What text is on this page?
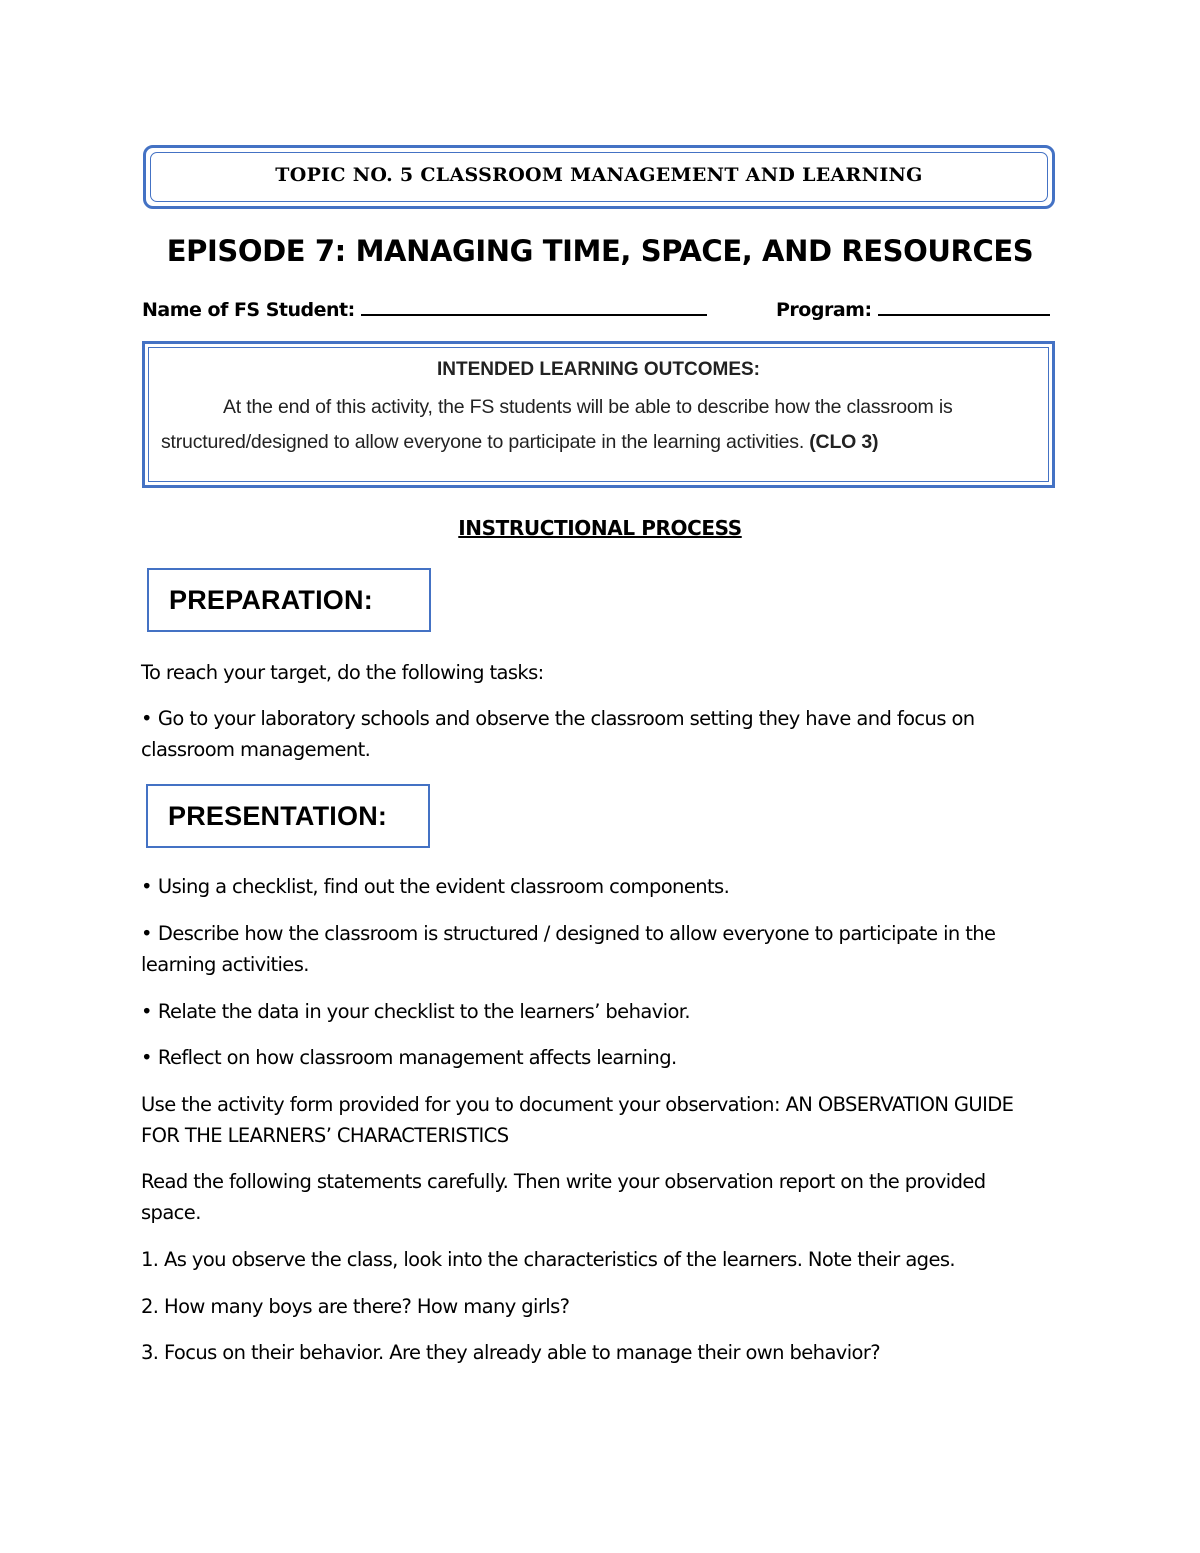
TOPIC NO. 5 CLASSROOM MANAGEMENT AND LEARNING
EPISODE 7: MANAGING TIME, SPACE, AND RESOURCES
Name of FS Student:	Program:
INTENDED LEARNING OUTCOMES:
At the end of this activity, the FS students will be able to describe how the classroom is
structured/designed to allow everyone to participate in the learning activities. (CLO 3)
INSTRUCTIONAL PROCESS
PREPARATION:
To reach your target, do the following tasks:
• Go to your laboratory schools and observe the classroom setting they have and focus on
classroom management.
PRESENTATION:
• Using a checklist, find out the evident classroom components.
• Describe how the classroom is structured / designed to allow everyone to participate in the
learning activities.
• Relate the data in your checklist to the learners’ behavior.
• Reflect on how classroom management affects learning.
Use the activity form provided for you to document your observation: AN OBSERVATION GUIDE
FOR THE LEARNERS’ CHARACTERISTICS
Read the following statements carefully. Then write your observation report on the provided
space.
1. As you observe the class, look into the characteristics of the learners. Note their ages.
2. How many boys are there? How many girls?
3. Focus on their behavior. Are they already able to manage their own behavior?
